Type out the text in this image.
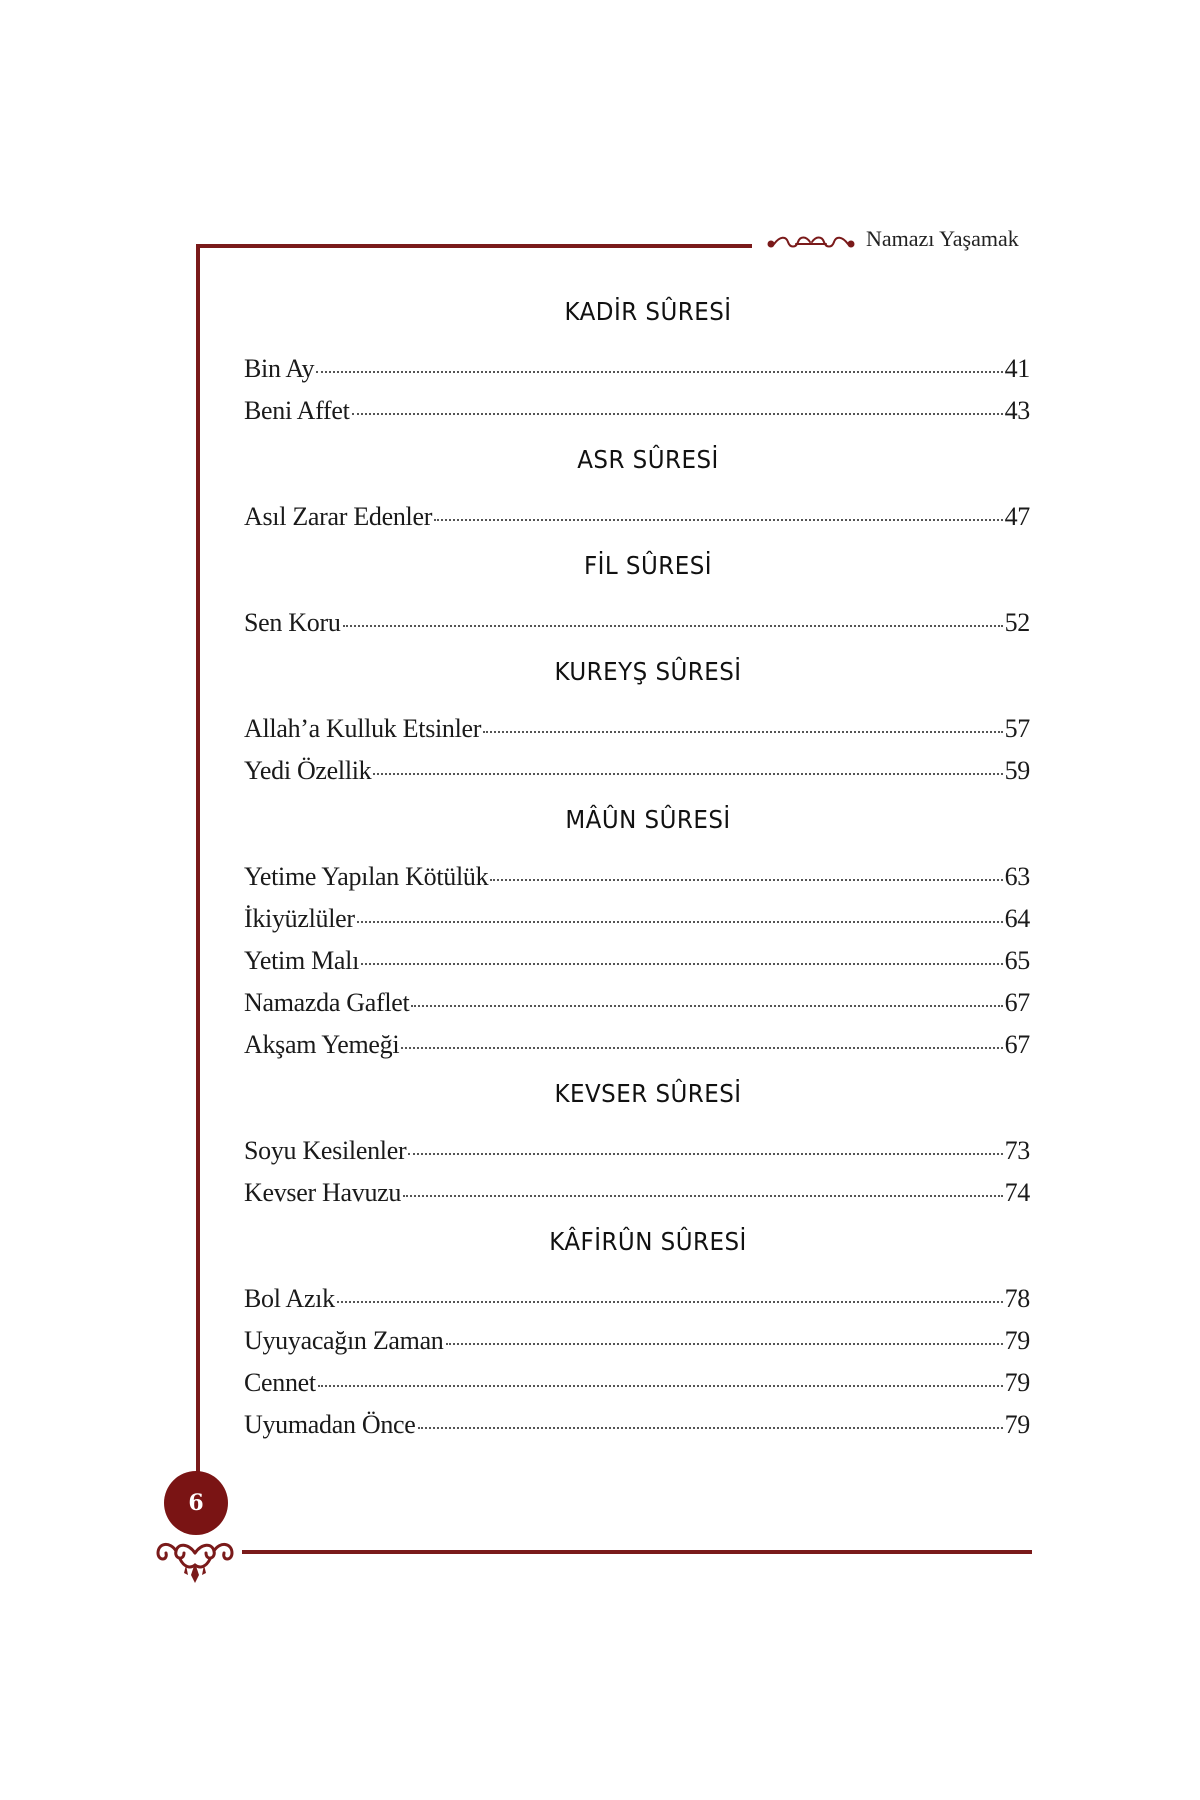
Namazı Yaşamak
KADİR SÛRESİ
Bin Ay	41
Beni Affet	43
ASR SÛRESİ
Asıl Zarar Edenler	47
FİL SÛRESİ
Sen Koru	52
KUREYŞ SÛRESİ
Allah’a Kulluk Etsinler	57
Yedi Özellik	59
MÂÛN SÛRESİ
Yetime Yapılan Kötülük	63
İkiyüzlüler	64
Yetim Malı	65
Namazda Gaflet	67
Akşam Yemeği	67
KEVSER SÛRESİ
Soyu Kesilenler	73
Kevser Havuzu	74
KÂFİRÛN SÛRESİ
Bol Azık	78
Uyuyacağın Zaman	79
Cennet	79
Uyumadan Önce	79
6
